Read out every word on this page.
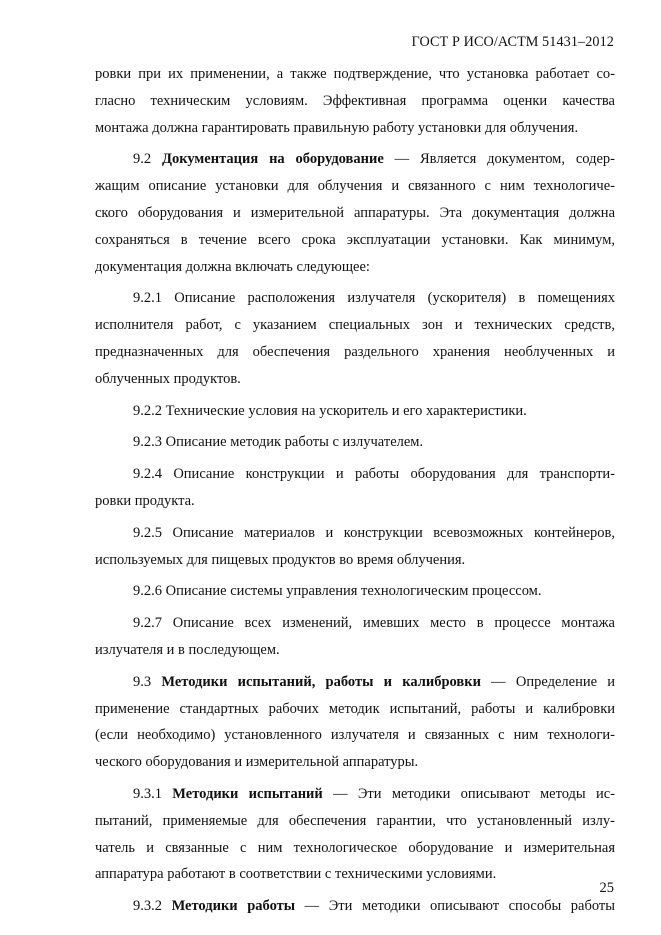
ГОСТ Р ИСО/АСТМ 51431–2012
ровки при их применении, а также подтверждение, что установка работает со-
гласно техническим условиям. Эффективная программа оценки качества
монтажа должна гарантировать правильную работу установки для облучения.
9.2 Документация на оборудование — Является документом, содер-
жащим описание установки для облучения и связанного с ним технологиче-
ского оборудования и измерительной аппаратуры. Эта документация должна
сохраняться в течение всего срока эксплуатации установки. Как минимум,
документация должна включать следующее:
9.2.1 Описание расположения излучателя (ускорителя) в помещениях
исполнителя работ, с указанием специальных зон и технических средств,
предназначенных для обеспечения раздельного хранения необлученных и
облученных продуктов.
9.2.2 Технические условия на ускоритель и его характеристики.
9.2.3 Описание методик работы с излучателем.
9.2.4 Описание конструкции и работы оборудования для транспорти-
ровки продукта.
9.2.5 Описание материалов и конструкции всевозможных контейнеров,
используемых для пищевых продуктов во время облучения.
9.2.6 Описание системы управления технологическим процессом.
9.2.7 Описание всех изменений, имевших место в процессе монтажа
излучателя и в последующем.
9.3 Методики испытаний, работы и калибровки — Определение и
применение стандартных рабочих методик испытаний, работы и калибровки
(если необходимо) установленного излучателя и связанных с ним технологи-
ческого оборудования и измерительной аппаратуры.
9.3.1 Методики испытаний — Эти методики описывают методы ис-
пытаний, применяемые для обеспечения гарантии, что установленный излу-
чатель и связанные с ним технологическое оборудование и измерительная
аппаратура работают в соответствии с техническими условиями.
9.3.2 Методики работы — Эти методики описывают способы работы
25
